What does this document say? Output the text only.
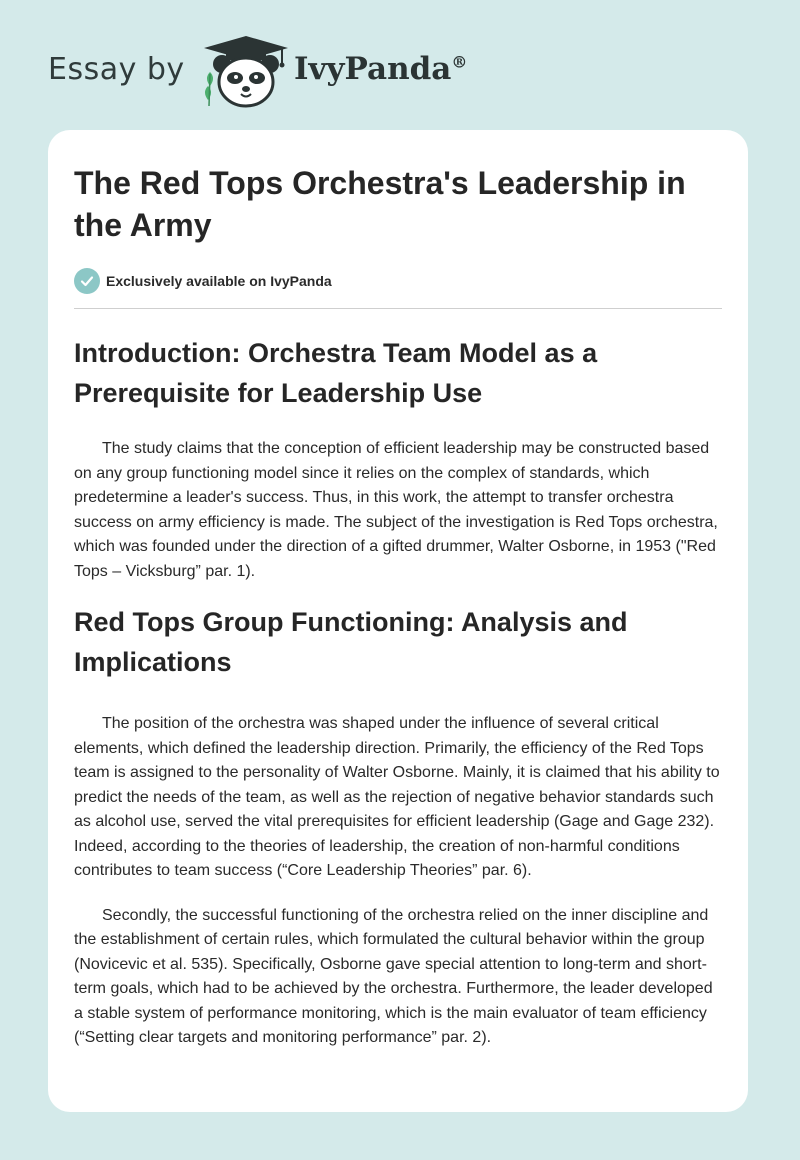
Essay by	IvyPanda®
The Red Tops Orchestra's Leadership in the Army
Exclusively available on IvyPanda
Introduction: Orchestra Team Model as a Prerequisite for Leadership Use

The study claims that the conception of efficient leadership may be constructed based on any group functioning model since it relies on the complex of standards, which predetermine a leader's success. Thus, in this work, the attempt to transfer orchestra success on army efficiency is made. The subject of the investigation is Red Tops orchestra, which was founded under the direction of a gifted drummer, Walter Osborne, in 1953 ("Red Tops – Vicksburg” par. 1).

Red Tops Group Functioning: Analysis and Implications

The position of the orchestra was shaped under the influence of several critical elements, which defined the leadership direction. Primarily, the efficiency of the Red Tops team is assigned to the personality of Walter Osborne. Mainly, it is claimed that his ability to predict the needs of the team, as well as the rejection of negative behavior standards such as alcohol use, served the vital prerequisites for efficient leadership (Gage and Gage 232). Indeed, according to the theories of leadership, the creation of non-harmful conditions contributes to team success (“Core Leadership Theories” par. 6).

Secondly, the successful functioning of the orchestra relied on the inner discipline and the establishment of certain rules, which formulated the cultural behavior within the group (Novicevic et al. 535). Specifically, Osborne gave special attention to long-term and short-term goals, which had to be achieved by the orchestra. Furthermore, the leader developed a stable system of performance monitoring, which is the main evaluator of team efficiency (“Setting clear targets and monitoring performance” par. 2).
